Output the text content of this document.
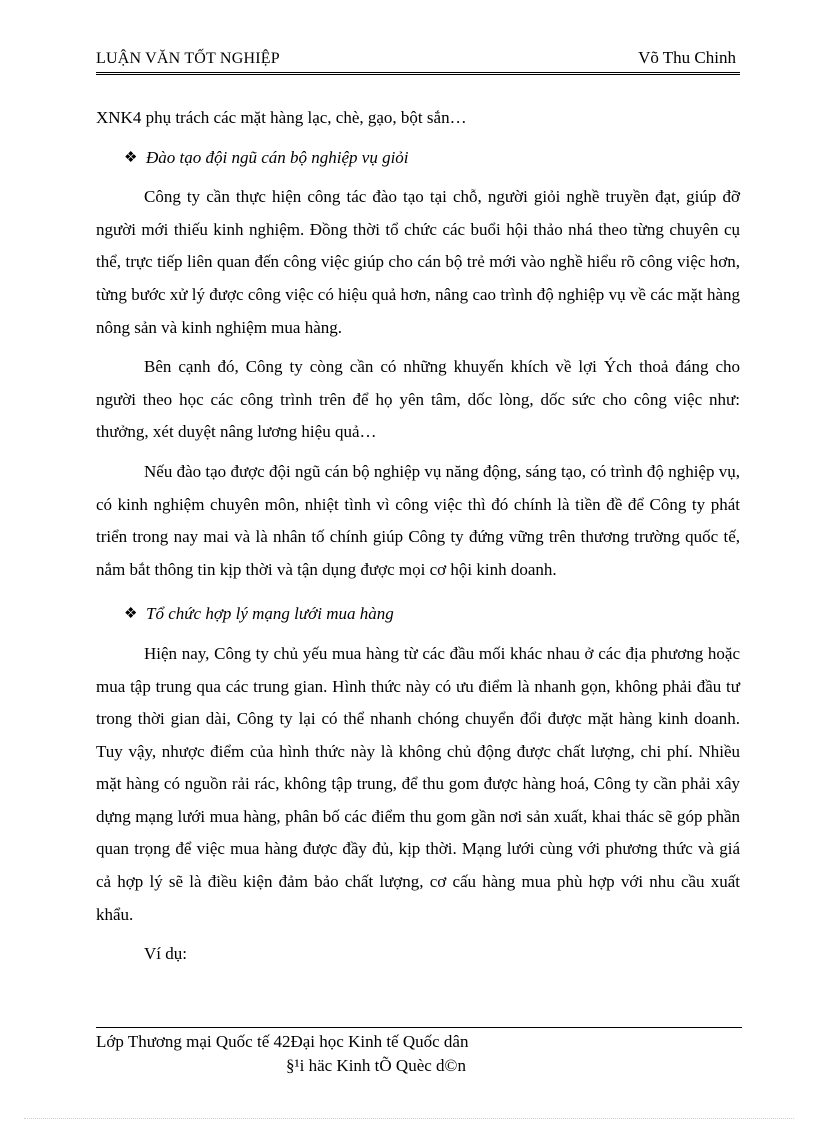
LUẬN VĂN TỐT NGHIỆP	Võ Thu Chinh

XNK4 phụ trách các mặt hàng lạc, chè, gạo, bột sắn…

❖ Đào tạo đội ngũ cán bộ nghiệp vụ giỏi

Công ty cần thực hiện công tác đào tạo tại chỗ, người giỏi nghề truyền đạt, giúp đỡ người mới thiếu kinh nghiệm. Đồng thời tổ chức các buổi hội thảo nhá theo từng chuyên cụ thể, trực tiếp liên quan đến công việc giúp cho cán bộ trẻ mới vào nghề hiểu rõ công việc hơn, từng bước xử lý được công việc có hiệu quả hơn, nâng cao trình độ nghiệp vụ về các mặt hàng nông sản và kinh nghiệm mua hàng.

Bên cạnh đó, Công ty còng cần có những khuyến khích về lợi Ých thoả đáng cho người theo học các công trình trên để họ yên tâm, dốc lòng, dốc sức cho công việc như: thưởng, xét duyệt nâng lương hiệu quả…

Nếu đào tạo được đội ngũ cán bộ nghiệp vụ năng động, sáng tạo, có trình độ nghiệp vụ, có kinh nghiệm chuyên môn, nhiệt tình vì công việc thì đó chính là tiền đề để Công ty phát triển trong nay mai và là nhân tố chính giúp Công ty đứng vững trên thương trường quốc tế, nắm bắt thông tin kịp thời và tận dụng được mọi cơ hội kinh doanh.

❖ Tổ chức hợp lý mạng lưới mua hàng

Hiện nay, Công ty chủ yếu mua hàng từ các đầu mối khác nhau ở các địa phương hoặc mua tập trung qua các trung gian. Hình thức này có ưu điểm là nhanh gọn, không phải đầu tư trong thời gian dài, Công ty lại có thể nhanh chóng chuyển đổi được mặt hàng kinh doanh. Tuy vậy, nhược điểm của hình thức này là không chủ động được chất lượng, chi phí. Nhiều mặt hàng có nguồn rải rác, không tập trung, để thu gom được hàng hoá, Công ty cần phải xây dựng mạng lưới mua hàng, phân bố các điểm thu gom gần nơi sản xuất, khai thác sẽ góp phần quan trọng để việc mua hàng được đầy đủ, kịp thời. Mạng lưới cùng với phương thức và giá cả hợp lý sẽ là điều kiện đảm bảo chất lượng, cơ cấu hàng mua phù hợp với nhu cầu xuất khẩu.

Ví dụ:

Lớp Thương mại Quốc tế 42Đại học Kinh tế Quốc dân
§¹i häc Kinh tÕ Quèc d©n
